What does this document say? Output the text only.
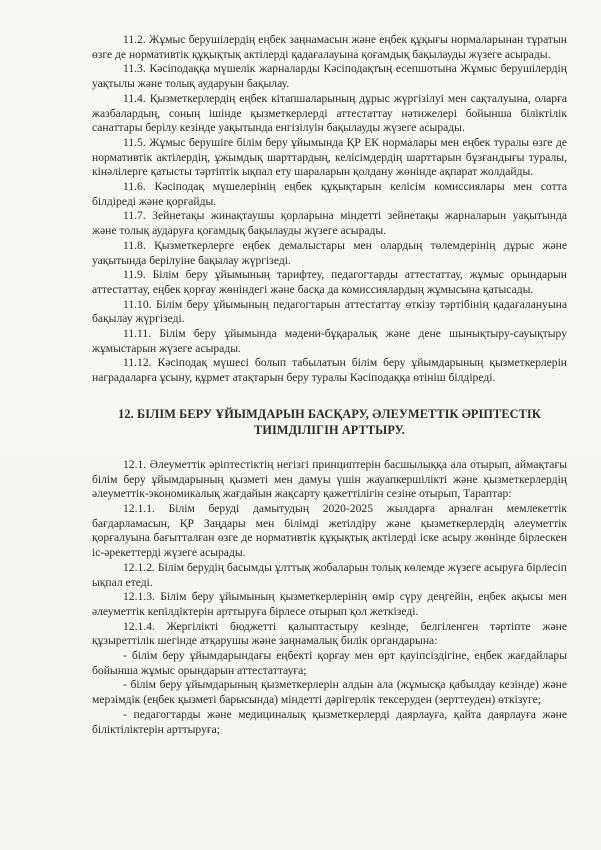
11.2. Жұмыс берушілердің еңбек заңнамасын және еңбек құқығы нормаларынан тұратын өзге де нормативтік құқықтық актілерді қадағалауына қоғамдық бақылауды жүзеге асырады.

11.3. Кәсіподаққа мүшелік жарналарды Кәсіподақтың есепшотына Жұмыс берушілердің уақтылы және толық аударуын бақылау.

11.4. Қызметкерлердің еңбек кітапшаларының дұрыс жүргізілуі мен сақталуына, оларға жазбалардың, соның ішінде қызметкерлерді аттестаттау нәтижелері бойынша біліктілік санаттары берілу кезінде уақытында енгізілуін бақылауды жүзеге асырады.

11.5. Жұмыс берушіге білім беру ұйымында ҚР ЕК нормалары мен еңбек туралы өзге де нормативтік актілердің, ұжымдық шарттардың, келісімдердің шарттарын бұзғандығы туралы, кінәлілерге қатысты тәртіптік ықпал ету шараларын қолдану жөнінде ақпарат жолдайды.

11.6. Кәсіподақ мүшелерінің еңбек құқықтарын келісім комиссиялары мен сотта білдіреді және қорғайды.

11.7. Зейнетақы жинақтаушы қорларына міндетті зейнетақы жарналарын уақытында және толық аударуға қоғамдық бақылауды жүзеге асырады.

11.8. Қызметкерлерге еңбек демалыстары мен олардың төлемдерінің дұрыс және уақытында берілуіне бақылау жүргізеді.

11.9. Білім беру ұйымының тарифтеу, педагогтарды аттестаттау, жұмыс орындарын аттестаттау, еңбек қорғау жөніндегі және басқа да комиссиялардың жұмысына қатысады.

11.10. Білім беру ұйымының педагогтарын аттестаттау өткізу тәртібінің қадағалануына бақылау жүргізеді.

11.11. Білім беру ұйымында мәдени-бұқаралық және дене шынықтыру-сауықтыру жұмыстарын жүзеге асырады.

11.12. Кәсіподақ мүшесі болып табылатын білім беру ұйымдарының қызметкерлерін наградаларға ұсыну, құрмет атақтарын беру туралы Кәсіподаққа өтініш білдіреді.

12. БІЛІМ БЕРУ ҰЙЫМДАРЫН БАСҚАРУ, ӘЛЕУМЕТТІК ӘРІПТЕСТІК
ТИІМДІЛІГІН АРТТЫРУ.

12.1. Әлеуметтік әріптестіктің негізгі принциптерін басшылыққа ала отырып, аймақтағы білім беру ұйымдарының қызметі мен дамуы үшін жауапкершілікті және қызметкерлердің әлеуметтік-экономикалық жағдайын жақсарту қажеттілігін сезіне отырып, Тараптар:

12.1.1. Білім беруді дамытудың 2020-2025 жылдарға арналған мемлекеттік бағдарламасын, ҚР Заңдары мен білімді жетілдіру және қызметкерлердің әлеуметтік қорғалуына бағытталған өзге де нормативтік құқықтық актілерді іске асыру жөнінде бірлескен іс-әрекеттерді жүзеге асырады.

12.1.2. Білім берудің басымды ұлттық жобаларын толық көлемде жүзеге асыруға бірлесіп ықпал етеді.

12.1.3. Білім беру ұйымының қызметкерлерінің өмір сүру деңгейін, еңбек ақысы мен әлеуметтік кепілдіктерін арттыруға бірлесе отырып қол жеткізеді.

12.1.4. Жергілікті бюджетті қалыптастыру кезінде, белгіленген тәртіпте және құзыреттілік шегінде атқарушы және заңнамалық билік органдарына:

- білім беру ұйымдарындағы еңбекті қорғау мен өрт қауіпсіздігіне, еңбек жағдайлары бойынша жұмыс орындарын аттестаттауға;

- білім беру ұйымдарының қызметкерлерін алдын ала (жұмысқа қабылдау кезінде) және мерзімдік (еңбек қызметі барысында) міндетті дәрігерлік тексеруден (зерттеуден) өткізуге;

- педагогтарды және медициналық қызметкерлерді даярлауға, қайта даярлауға және біліктіліктерін арттыруға;
